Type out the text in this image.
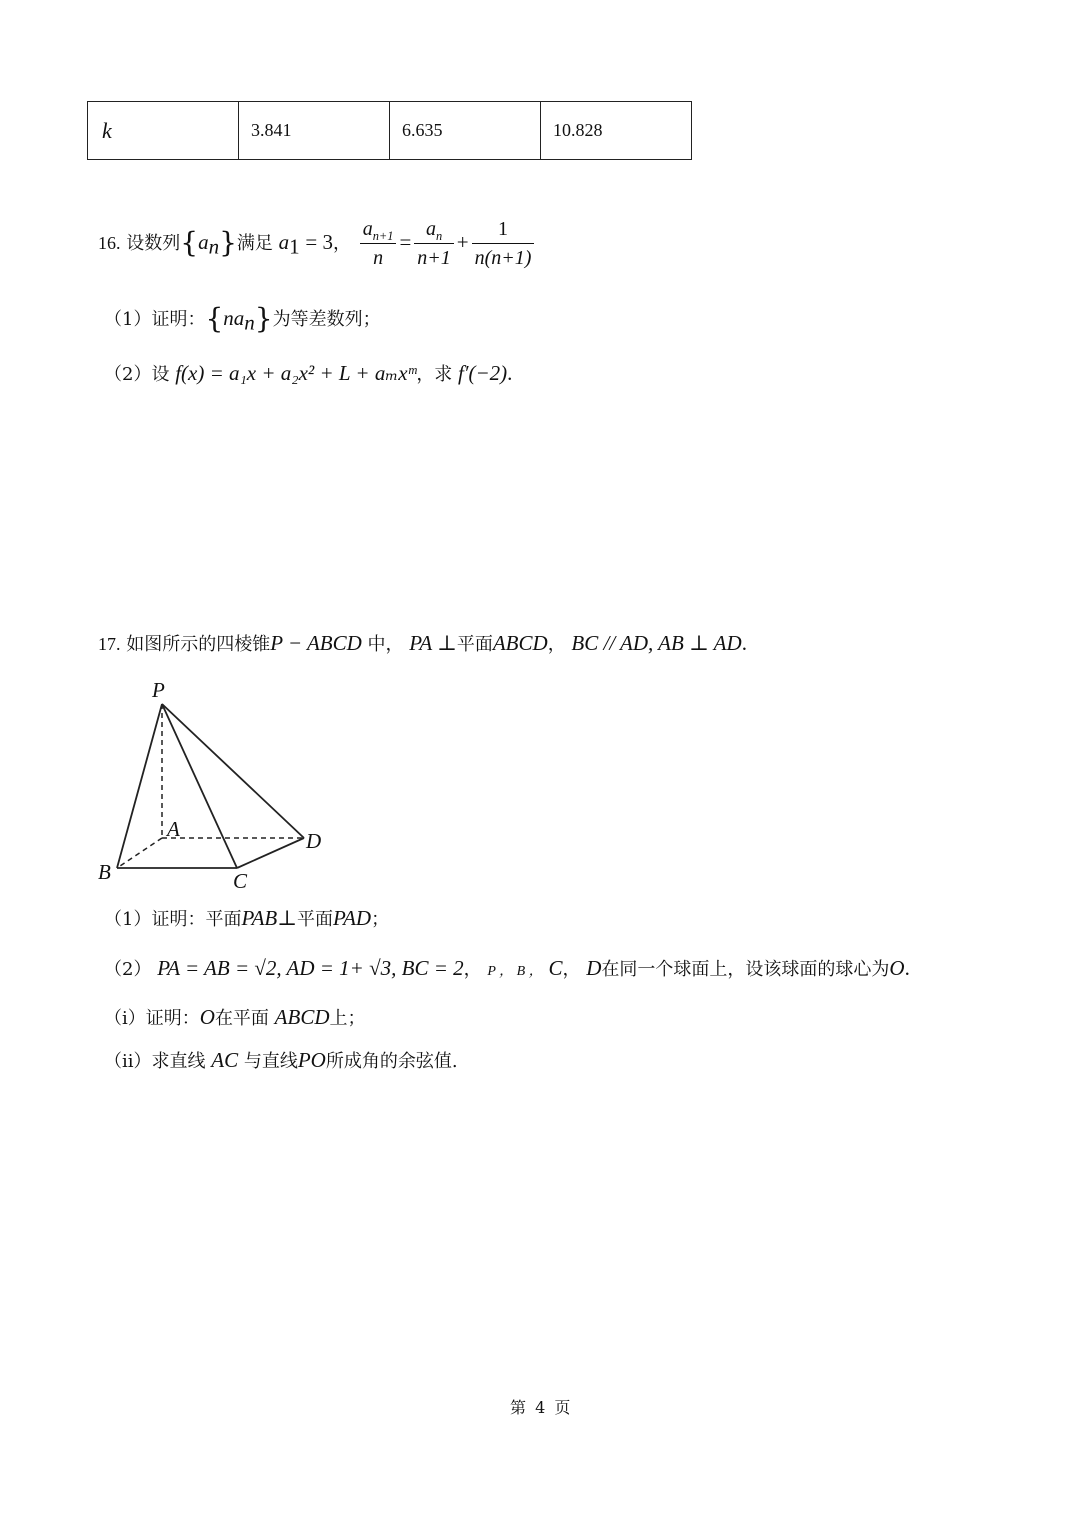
k	3.841	6.635	10.828
16. 设数列$\{a_n\}$满足 $a_1 = 3$， $\frac{a_{n+1}}{n} = \frac{a_n}{n+1} + \frac{1}{n(n+1)}$
（1）证明：$\{na_n\}$为等差数列；
（2）设 f(x) = a₁x + a₂x² + L + aₘxᵐ，求 f′(−2).
17. 如图所示的四棱锥P − ABCD 中， PA ⊥平面ABCD， BC // AD, AB ⊥ AD.
P
A
B	C
D
（1）证明：平面PAB⊥平面PAD；
（2） PA = AB = √2, AD = 1+ √3, BC = 2， P ， B ， C， D在同一个球面上，设该球面的球心为O.
（i）证明：O在平面 ABCD上；
（ii）求直线 AC 与直线PO所成角的余弦值.
第 4 页
